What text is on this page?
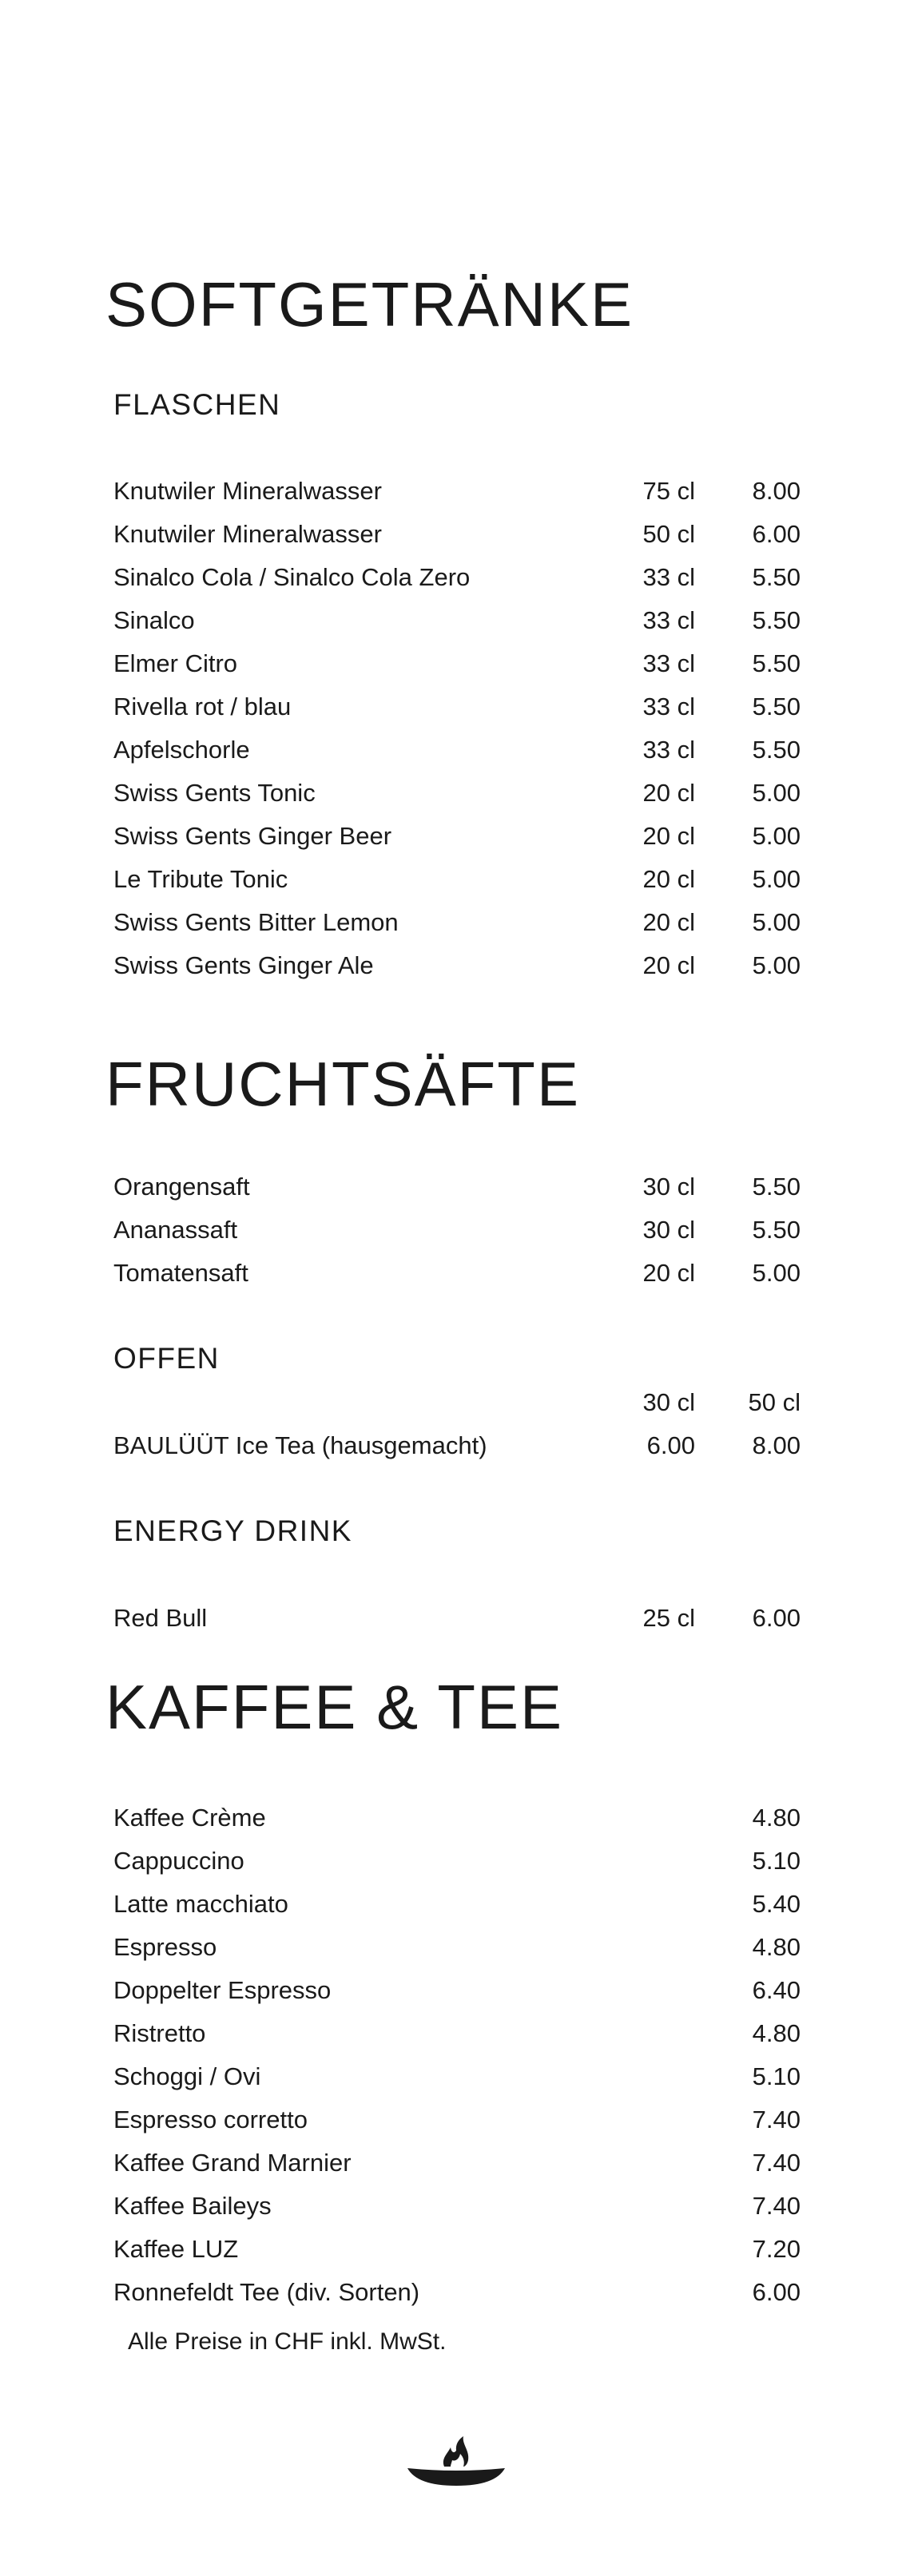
SOFTGETRÄNKE
FLASCHEN
Knutwiler Mineralwasser	75 cl 8.00
Knutwiler Mineralwasser	50 cl 6.00
Sinalco Cola / Sinalco Cola Zero	33 cl 5.50
Sinalco	33 cl 5.50
Elmer Citro	33 cl 5.50
Rivella rot / blau	33 cl 5.50
Apfelschorle	33 cl 5.50
Swiss Gents Tonic	20 cl 5.00
Swiss Gents Ginger Beer	20 cl 5.00
Le Tribute Tonic	20 cl 5.00
Swiss Gents Bitter Lemon	20 cl 5.00
Swiss Gents Ginger Ale	20 cl 5.00
FRUCHTSÄFTE
Orangensaft	30 cl 5.50
Ananassaft	30 cl 5.50
Tomatensaft	20 cl 5.00
OFFEN
30 cl 50 cl
BAULÜÜT Ice Tea (hausgemacht)	6.00 8.00
ENERGY DRINK
Red Bull	25 cl 6.00
KAFFEE & TEE
Kaffee Crème	4.80
Cappuccino	5.10
Latte macchiato	5.40
Espresso	4.80
Doppelter Espresso	6.40
Ristretto	4.80
Schoggi / Ovi	5.10
Espresso corretto	7.40
Kaffee Grand Marnier	7.40
Kaffee Baileys	7.40
Kaffee LUZ	7.20
Ronnefeldt Tee (div. Sorten)	6.00
Alle Preise in CHF inkl. MwSt.
